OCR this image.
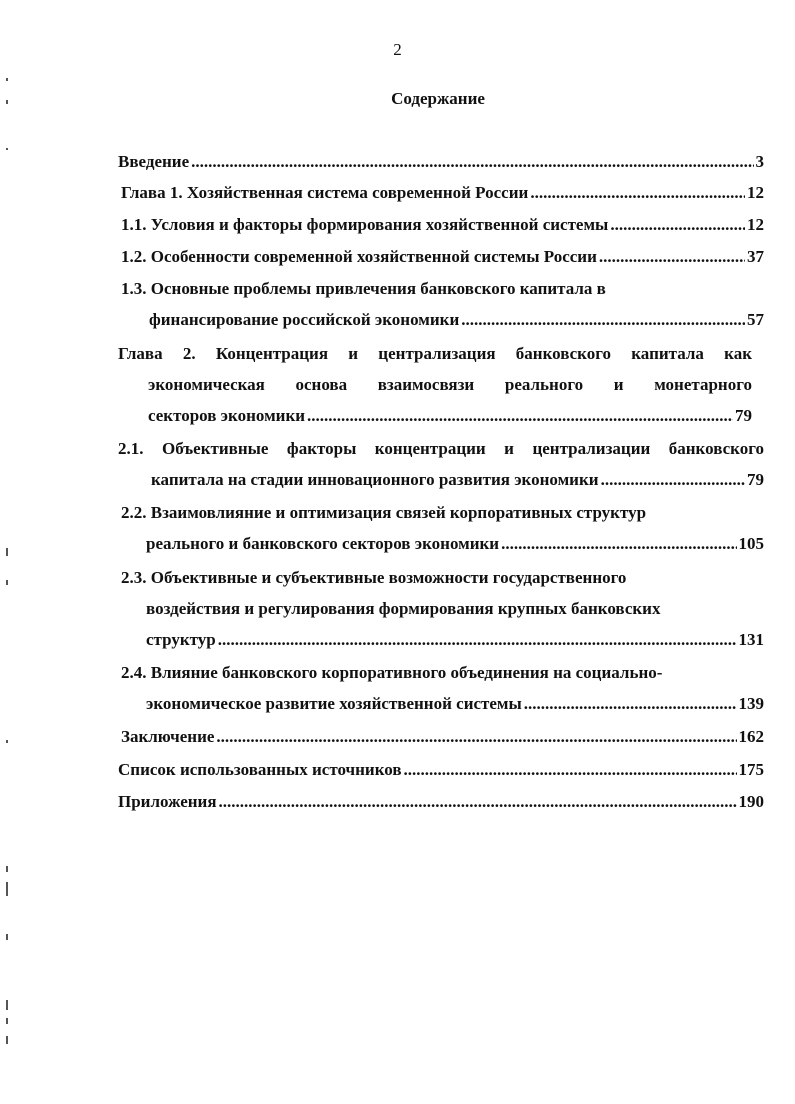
2
Содержание
Введение .....	3
Глава 1. Хозяйственная система современной России .....	12
1.1. Условия и факторы формирования хозяйственной системы .....	12
1.2. Особенности современной хозяйственной системы России .....	37
1.3. Основные проблемы привлечения банковского капитала в
финансирование российской экономики .....	57
Глава 2. Концентрация и централизация банковского капитала как
экономическая основа взаимосвязи реального и монетарного
секторов экономики .....	79
2.1. Объективные факторы концентрации и централизации банковского
капитала на стадии инновационного развития экономики .....	79
2.2. Взаимовлияние и оптимизация связей корпоративных структур
реального и банковского секторов экономики .....	105
2.3. Объективные и субъективные возможности государственного
воздействия и регулирования формирования крупных банковских
структур .....	131
2.4. Влияние банковского корпоративного объединения на социально-
экономическое развитие хозяйственной системы .....	139
Заключение .....	162
Список использованных источников .....	175
Приложения .....	190
